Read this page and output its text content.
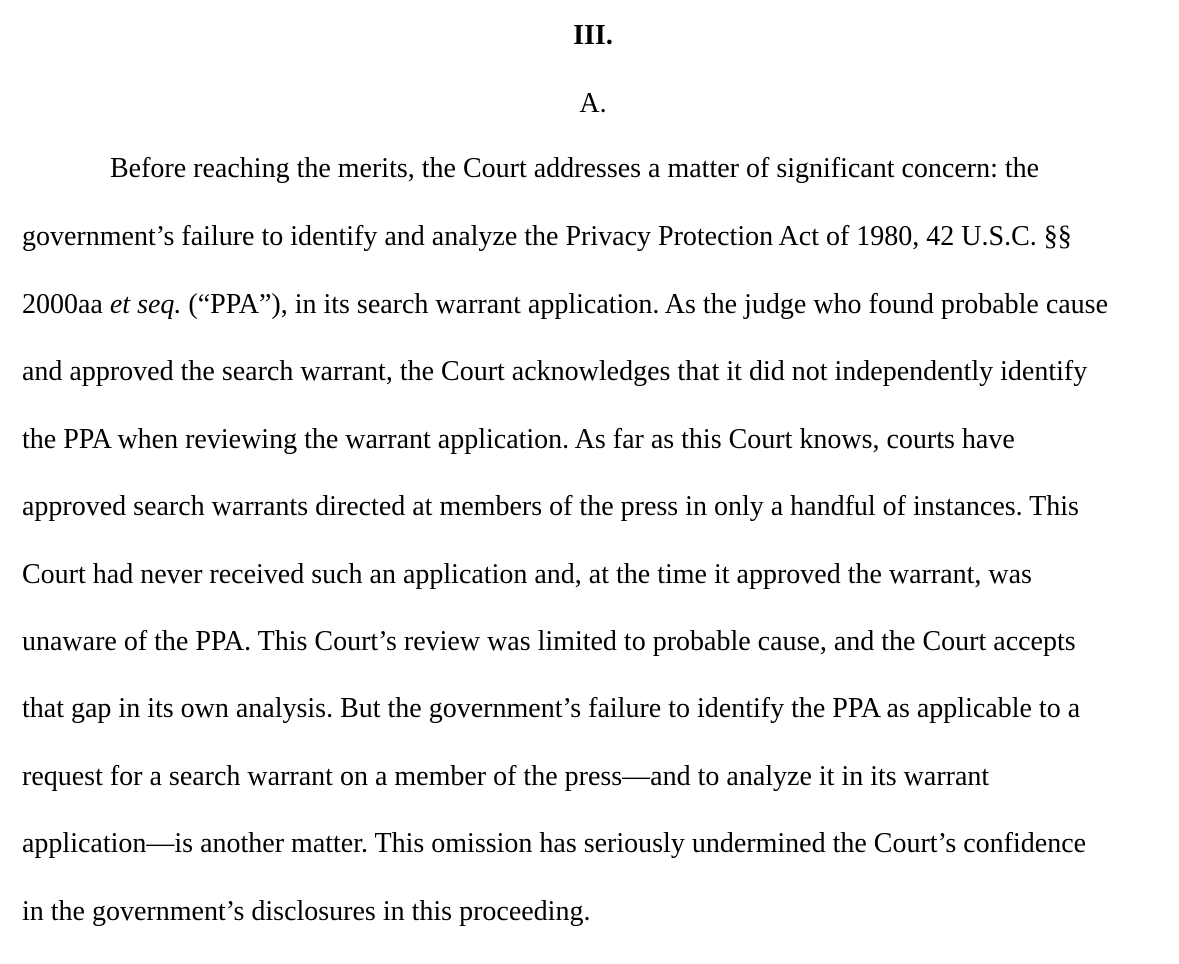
III.
A.

Before reaching the merits, the Court addresses a matter of significant concern: the

government’s failure to identify and analyze the Privacy Protection Act of 1980, 42 U.S.C. §§

2000aa et seq. (“PPA”), in its search warrant application. As the judge who found probable cause

and approved the search warrant, the Court acknowledges that it did not independently identify

the PPA when reviewing the warrant application. As far as this Court knows, courts have

approved search warrants directed at members of the press in only a handful of instances. This

Court had never received such an application and, at the time it approved the warrant, was

unaware of the PPA. This Court’s review was limited to probable cause, and the Court accepts

that gap in its own analysis. But the government’s failure to identify the PPA as applicable to a

request for a search warrant on a member of the press—and to analyze it in its warrant

application—is another matter. This omission has seriously undermined the Court’s confidence

in the government’s disclosures in this proceeding.
